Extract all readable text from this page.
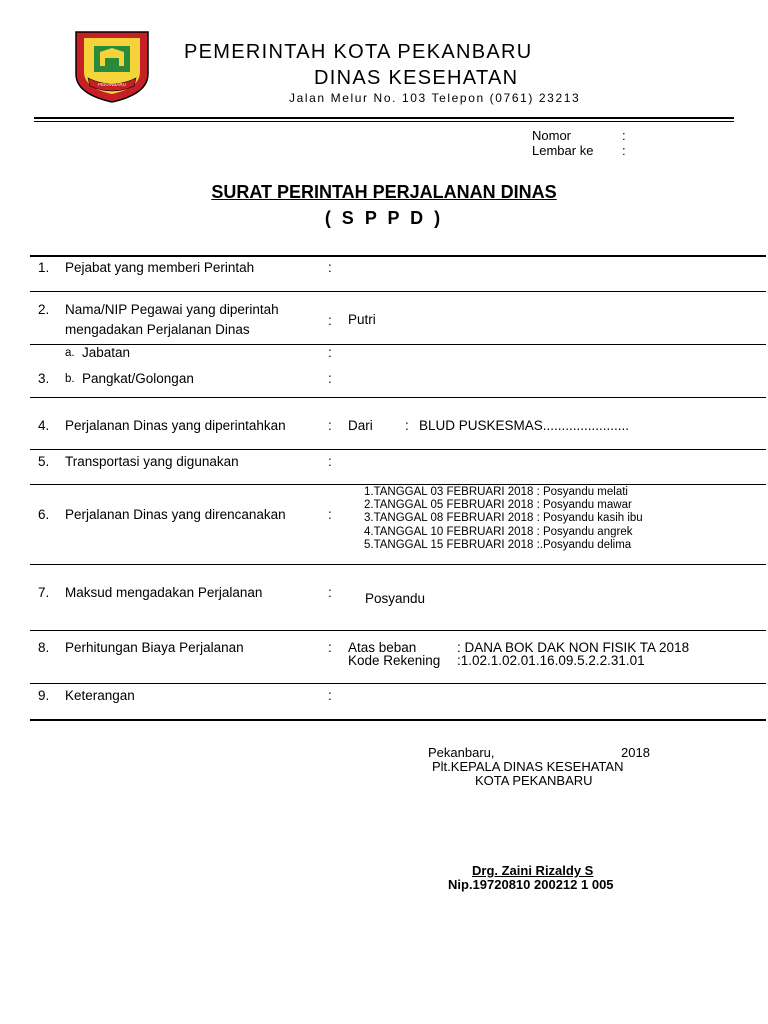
PEKANBARU
PEMERINTAH KOTA PEKANBARU
DINAS KESEHATAN
Jalan Melur No. 103 Telepon (0761) 23213
Nomor	:
Lembar ke :
SURAT PERINTAH PERJALANAN DINAS
( S P P D )
1. Pejabat yang memberi Perintah	:
2. Nama/NIP Pegawai yang diperintah
mengadakan Perjalanan Dinas
: Putri
a. Jabatan	:
3. b. Pangkat/Golongan	:
4. Perjalanan Dinas yang diperintahkan	: Dari : BLUD PUSKESMAS.......................
5. Transportasi yang digunakan	:
6. Perjalanan Dinas yang direncanakan	:
1.TANGGAL 03 FEBRUARI 2018 : Posyandu melati
2.TANGGAL 05 FEBRUARI 2018 : Posyandu mawar
3.TANGGAL 08 FEBRUARI 2018 : Posyandu kasih ibu
4.TANGGAL 10 FEBRUARI 2018 : Posyandu angrek
5.TANGGAL 15 FEBRUARI 2018 :.Posyandu delima
7. Maksud mengadakan Perjalanan	: Posyandu
8. Perhitungan Biaya Perjalanan	: Atas beban	: DANA BOK DAK NON FISIK TA 2018
Kode Rekening :1.02.1.02.01.16.09.5.2.2.31.01
9. Keterangan	:
Pekanbaru,	2018
Plt.KEPALA DINAS KESEHATAN
KOTA PEKANBARU
Drg. Zaini Rizaldy S
Nip.19720810 200212 1 005
